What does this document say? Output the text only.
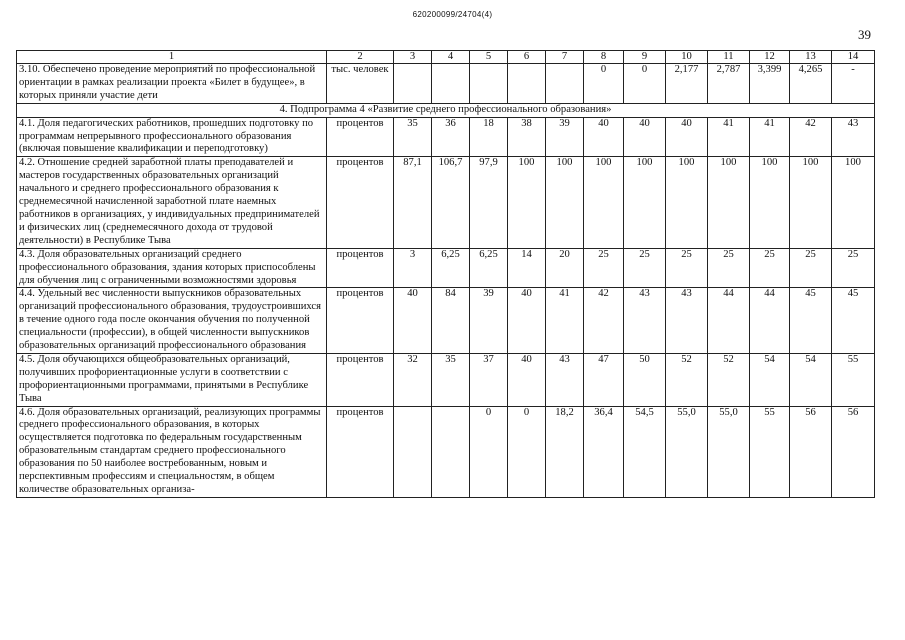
620200099/24704(4)
39
1	2	3	4	5	6	7	8	9	10	11	12	13	14
3.10. Обеспечено проведение мероприятий по профессиональной ориентации в рамках реализации проекта «Билет в будущее», в которых приняли участие дети	тыс. человек						0	0	2,177	2,787	3,399	4,265	-
4. Подпрограмма 4 «Развитие среднего профессионального образования»													
4.1. Доля педагогических работников, прошедших подготовку по программам непрерывного профессионального образования (включая повышение квалификации и переподготовку)	процентов	35	36	18	38	39	40	40	40	41	41	42	43
4.2. Отношение средней заработной платы преподавателей и мастеров государственных образовательных организаций начального и среднего профессионального образования к среднемесячной начисленной заработной плате наемных работников в организациях, у индивидуальных предпринимателей и физических лиц (среднемесячного дохода от трудовой деятельности) в Республике Тыва	процентов	87,1	106,7	97,9	100	100	100	100	100	100	100	100	100
4.3. Доля образовательных организаций среднего профессионального образования, здания которых приспособлены для обучения лиц с ограниченными возможностями здоровья	процентов	3	6,25	6,25	14	20	25	25	25	25	25	25	25
4.4. Удельный вес численности выпускников образовательных организаций профессионального образования, трудоустроившихся в течение одного года после окончания обучения по полученной специальности (профессии), в общей численности выпускников образовательных организаций профессионального образования	процентов	40	84	39	40	41	42	43	43	44	44	45	45
4.5. Доля обучающихся общеобразовательных организаций, получивших профориентационные услуги в соответствии с профориентационными программами, принятыми в Республике Тыва	процентов	32	35	37	40	43	47	50	52	52	54	54	55
4.6. Доля образовательных организаций, реализующих программы среднего профессионального образования, в которых осуществляется подготовка по федеральным государственным образовательным стандартам среднего профессионального образования по 50 наиболее востребованным, новым и перспективным профессиям и специальностям, в общем количестве образовательных организа-	процентов			0	0	18,2	36,4	54,5	55,0	55,0	55	56	56
